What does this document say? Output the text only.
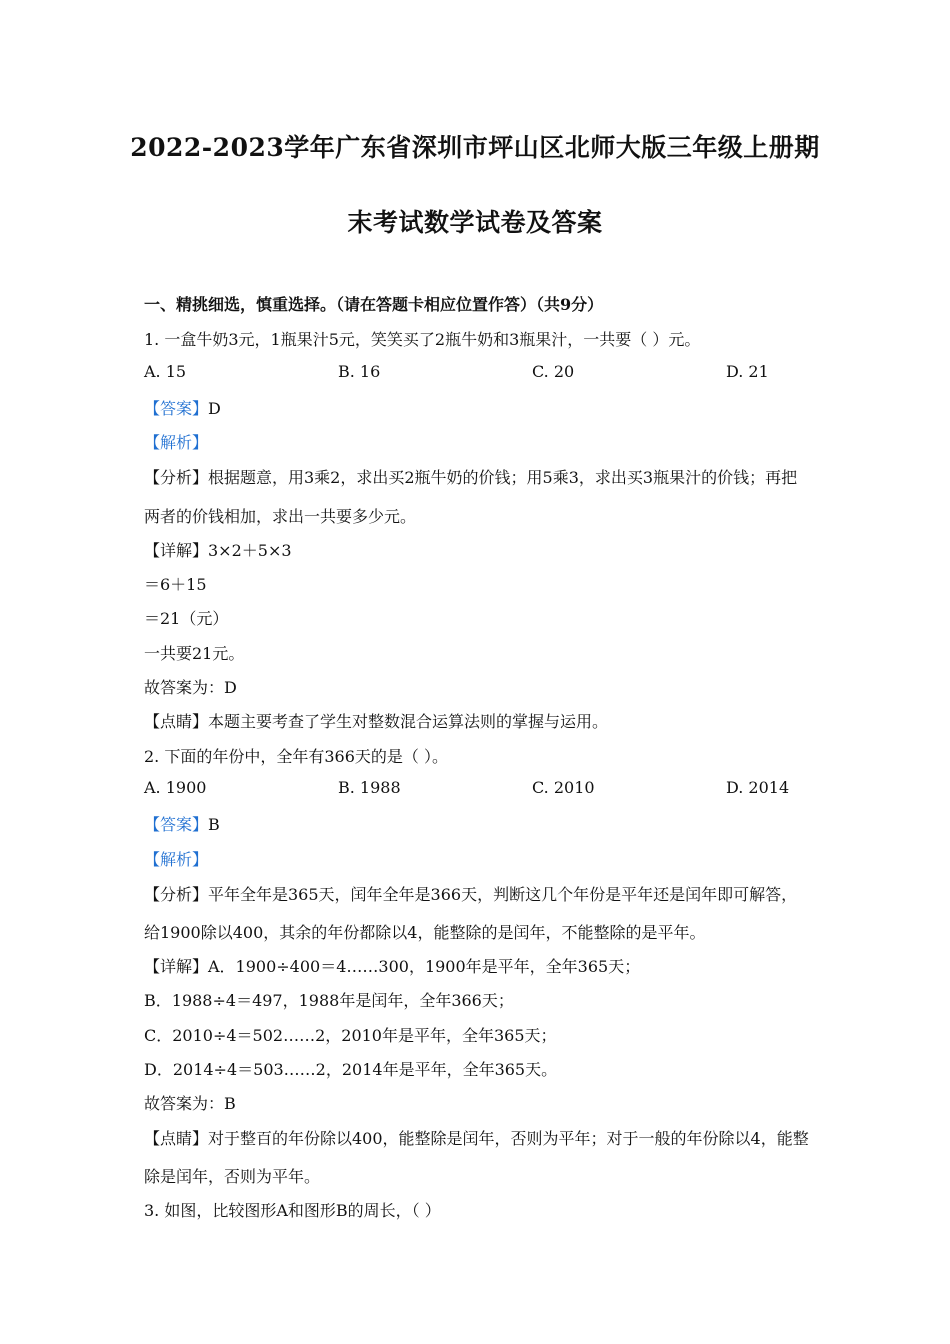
2022-2023学年广东省深圳市坪山区北师大版三年级上册期
末考试数学试卷及答案
一、精挑细选，慎重选择。（请在答题卡相应位置作答）（共9分）
1. 一盒牛奶3元，1瓶果汁5元，笑笑买了2瓶牛奶和3瓶果汁，一共要（ ）元。
A. 15	B. 16	C. 20	D. 21
【答案】D
【解析】
【分析】根据题意，用3乘2，求出买2瓶牛奶的价钱；用5乘3，求出买3瓶果汁的价钱；再把
两者的价钱相加，求出一共要多少元。
【详解】3×2＋5×3
＝6＋15
＝21（元）
一共要21元。
故答案为：D
【点睛】本题主要考查了学生对整数混合运算法则的掌握与运用。
2. 下面的年份中，全年有366天的是（ ）。
A. 1900	B. 1988	C. 2010	D. 2014
【答案】B
【解析】
【分析】平年全年是365天，闰年全年是366天，判断这几个年份是平年还是闰年即可解答，
给1900除以400，其余的年份都除以4，能整除的是闰年，不能整除的是平年。
【详解】A．1900÷400＝4……300，1900年是平年，全年365天；
B．1988÷4＝497，1988年是闰年，全年366天；
C．2010÷4＝502……2，2010年是平年，全年365天；
D．2014÷4＝503……2，2014年是平年，全年365天。
故答案为：B
【点睛】对于整百的年份除以400，能整除是闰年，否则为平年；对于一般的年份除以4，能整
除是闰年，否则为平年。
3. 如图，比较图形A和图形B的周长，（ ）
